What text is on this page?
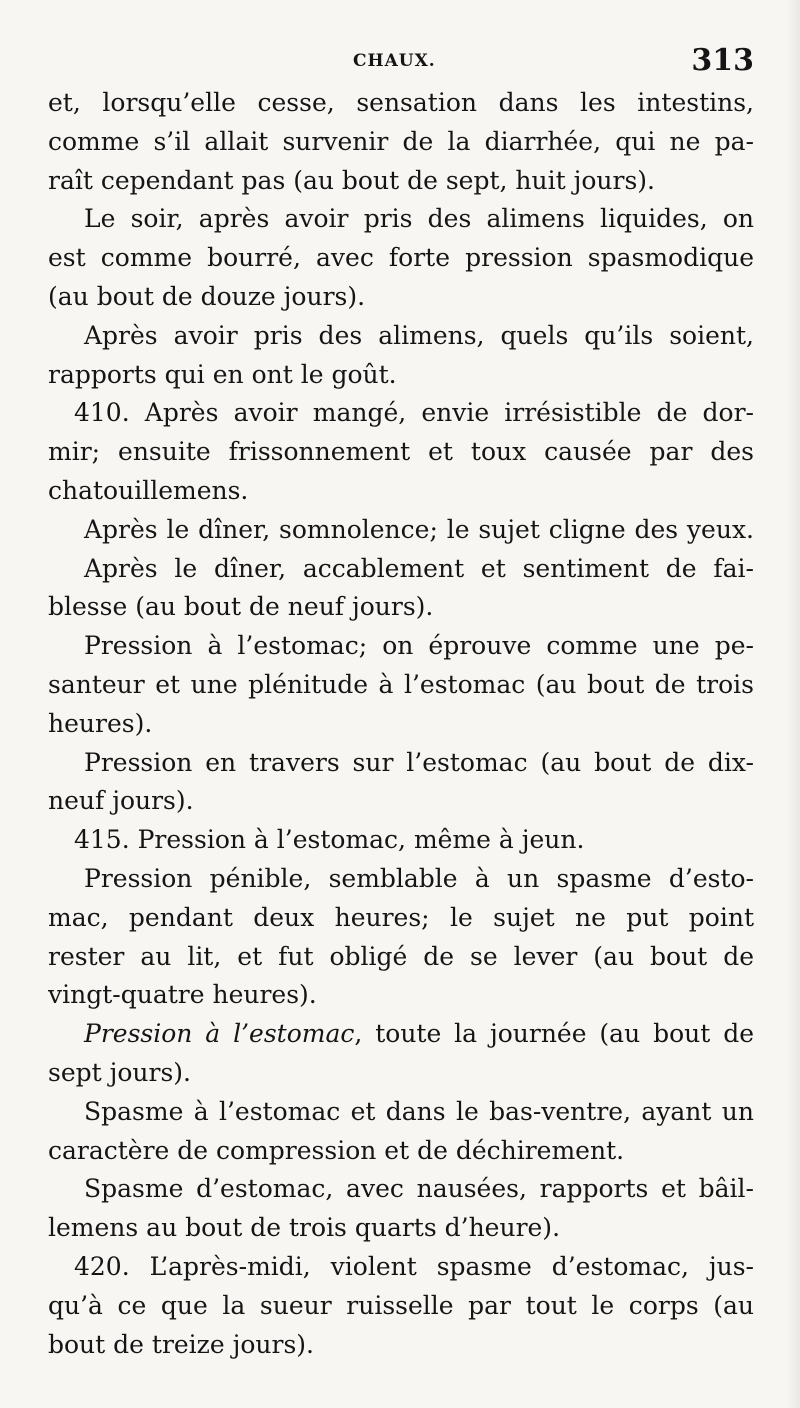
CHAUX.	313
et, lorsqu’elle cesse, sensation dans les intestins,
comme s’il allait survenir de la diarrhée, qui ne pa-
raît cependant pas (au bout de sept, huit jours).
Le soir, après avoir pris des alimens liquides, on
est comme bourré, avec forte pression spasmodique
(au bout de douze jours).
Après avoir pris des alimens, quels qu’ils soient,
rapports qui en ont le goût.
410. Après avoir mangé, envie irrésistible de dor-
mir; ensuite frissonnement et toux causée par des
chatouillemens.
Après le dîner, somnolence; le sujet cligne des yeux.
Après le dîner, accablement et sentiment de fai-
blesse (au bout de neuf jours).
Pression à l’estomac; on éprouve comme une pe-
santeur et une plénitude à l’estomac (au bout de trois
heures).
Pression en travers sur l’estomac (au bout de dix-
neuf jours).
415. Pression à l’estomac, même à jeun.
Pression pénible, semblable à un spasme d’esto-
mac, pendant deux heures; le sujet ne put point
rester au lit, et fut obligé de se lever (au bout de
vingt-quatre heures).
Pression à l’estomac, toute la journée (au bout de
sept jours).
Spasme à l’estomac et dans le bas-ventre, ayant un
caractère de compression et de déchirement.
Spasme d’estomac, avec nausées, rapports et bâil-
lemens au bout de trois quarts d’heure).
420. L’après-midi, violent spasme d’estomac, jus-
qu’à ce que la sueur ruisselle par tout le corps (au
bout de treize jours).
